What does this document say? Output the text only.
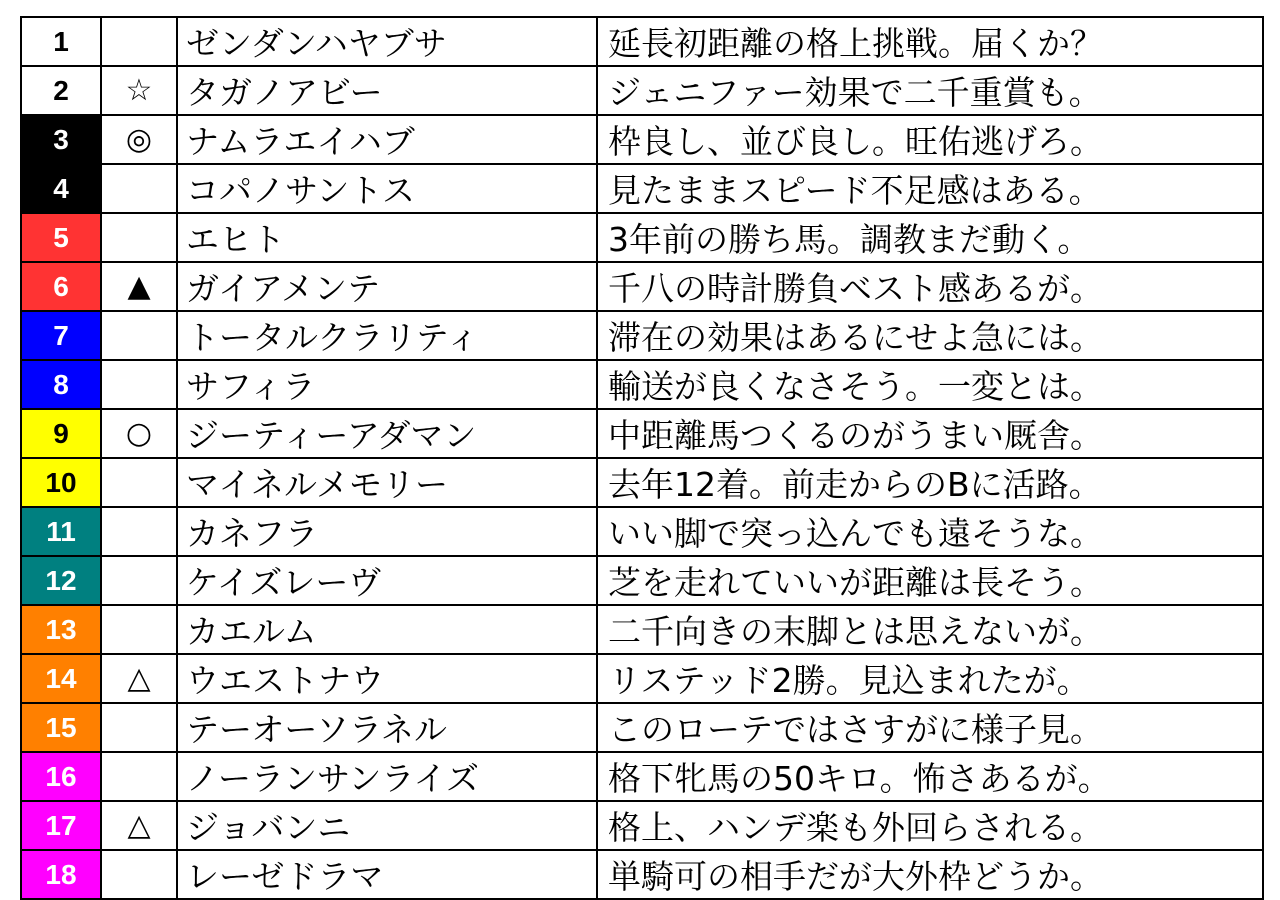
1		ゼンダンハヤブサ	延長初距離の格上挑戦。届くか？
2	☆	タガノアビー	ジェニファー効果で二千重賞も。
3	◎	ナムラエイハブ	枠良し、並び良し。旺佑逃げろ。
4		コパノサントス	見たままスピード不足感はある。
5		エヒト	3年前の勝ち馬。調教まだ動く。
6	▲	ガイアメンテ	千八の時計勝負ベスト感あるが。
7		トータルクラリティ	滞在の効果はあるにせよ急には。
8		サフィラ	輸送が良くなさそう。一変とは。
9	○	ジーティーアダマン	中距離馬つくるのがうまい厩舎。
10		マイネルメモリー	去年12着。前走からのBに活路。
11		カネフラ	いい脚で突っ込んでも遠そうな。
12		ケイズレーヴ	芝を走れていいが距離は長そう。
13		カエルム	二千向きの末脚とは思えないが。
14	△	ウエストナウ	リステッド2勝。見込まれたが。
15		テーオーソラネル	このローテではさすがに様子見。
16		ノーランサンライズ	格下牝馬の50キロ。怖さあるが。
17	△	ジョバンニ	格上、ハンデ楽も外回らされる。
18		レーゼドラマ	単騎可の相手だが大外枠どうか。
